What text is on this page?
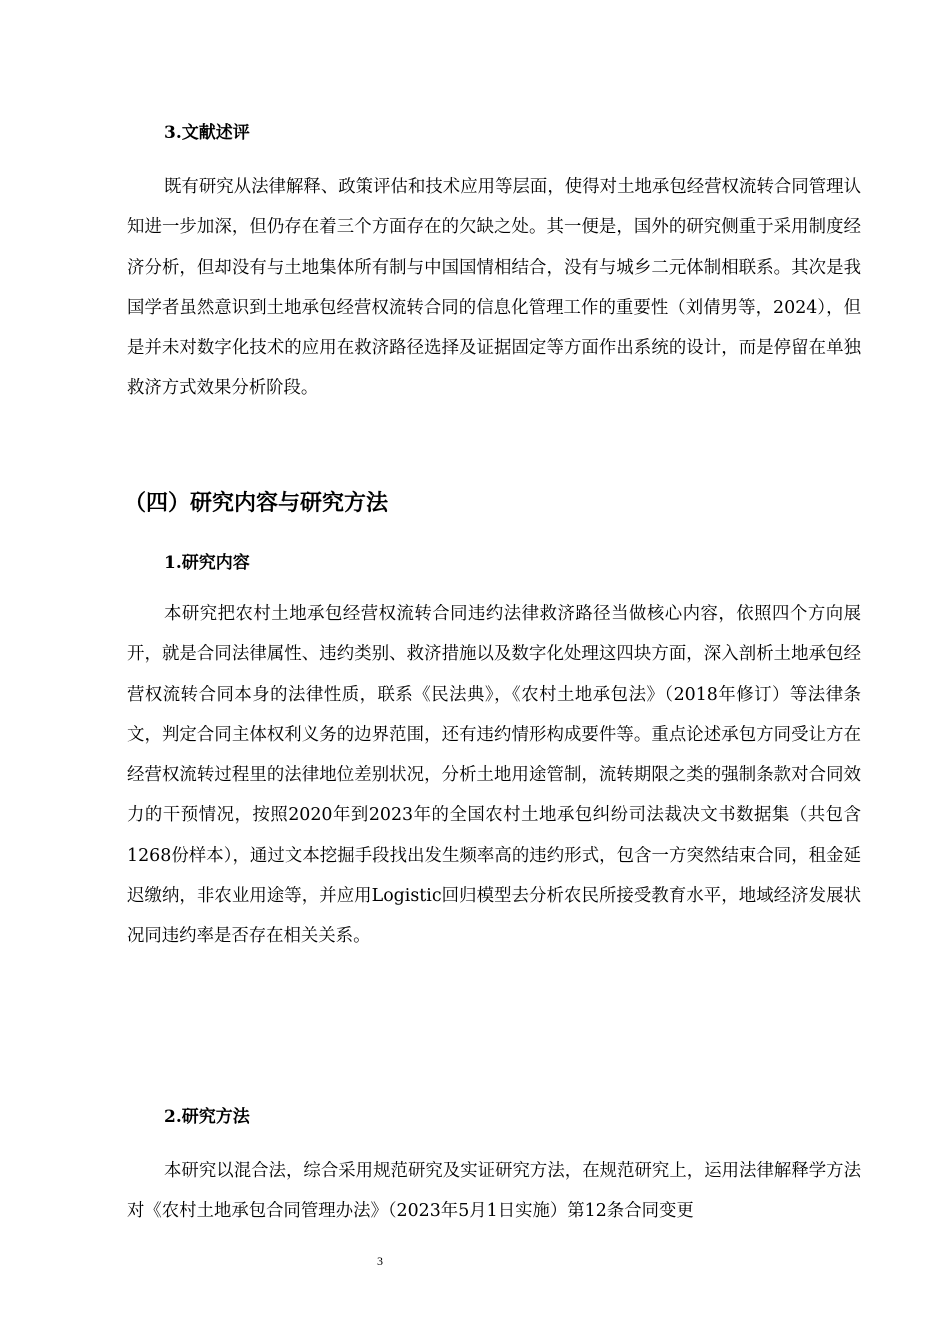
3.文献述评

既有研究从法律解释、政策评估和技术应用等层面，使得对土地承包经营权流转合同管理认知进一步加深，但仍存在着三个方面存在的欠缺之处。其一便是，国外的研究侧重于采用制度经济分析，但却没有与土地集体所有制与中国国情相结合，没有与城乡二元体制相联系。其次是我国学者虽然意识到土地承包经营权流转合同的信息化管理工作的重要性（刘倩男等，2024），但是并未对数字化技术的应用在救济路径选择及证据固定等方面作出系统的设计，而是停留在单独救济方式效果分析阶段。

（四）研究内容与研究方法
1.研究内容

本研究把农村土地承包经营权流转合同违约法律救济路径当做核心内容，依照四个方向展开，就是合同法律属性、违约类别、救济措施以及数字化处理这四块方面，深入剖析土地承包经营权流转合同本身的法律性质，联系《民法典》，《农村土地承包法》（2018年修订）等法律条文，判定合同主体权利义务的边界范围，还有违约情形构成要件等。重点论述承包方同受让方在经营权流转过程里的法律地位差别状况，分析土地用途管制，流转期限之类的强制条款对合同效力的干预情况，按照2020年到2023年的全国农村土地承包纠纷司法裁决文书数据集（共包含1268份样本），通过文本挖掘手段找出发生频率高的违约形式，包含一方突然结束合同，租金延迟缴纳，非农业用途等，并应用Logistic回归模型去分析农民所接受教育水平，地域经济发展状况同违约率是否存在相关关系。

2.研究方法

本研究以混合法，综合采用规范研究及实证研究方法，在规范研究上，运用法律解释学方法对《农村土地承包合同管理办法》（2023年5月1日实施）第12条合同变更

3
